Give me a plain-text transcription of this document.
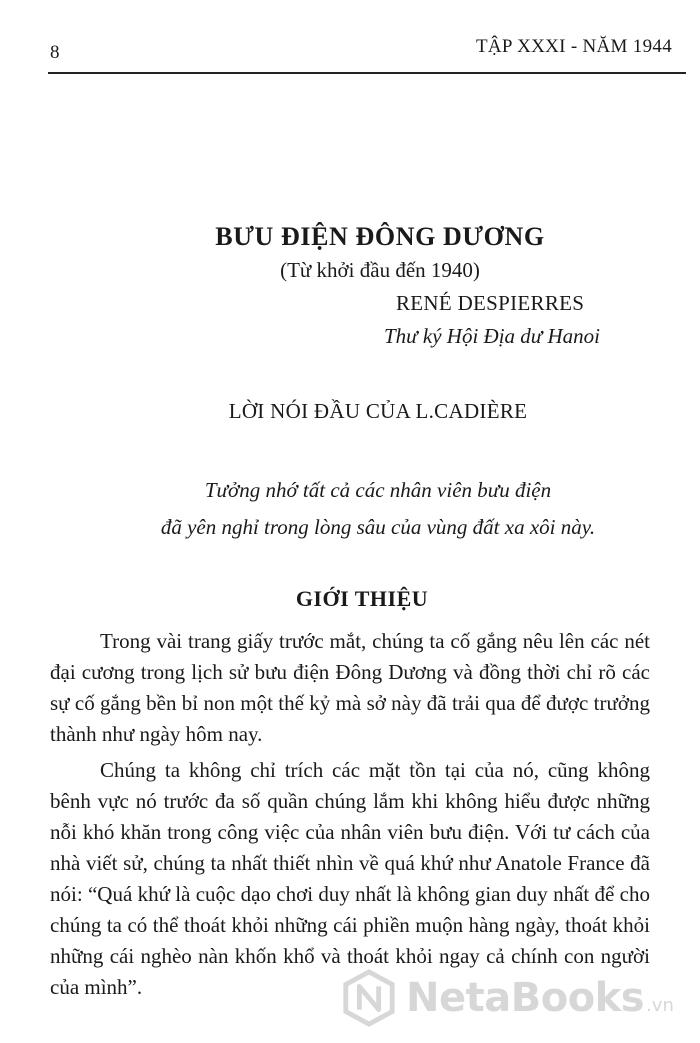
8	TẬP XXXI - NĂM 1944
BƯU ĐIỆN ĐÔNG DƯƠNG
(Từ khởi đầu đến 1940)
RENÉ DESPIERRES
Thư ký Hội Địa dư Hanoi
LỜI NÓI ĐẦU CỦA L.CADIÈRE
Tưởng nhớ tất cả các nhân viên bưu điện
đã yên nghỉ trong lòng sâu của vùng đất xa xôi này.
GIỚI THIỆU

Trong vài trang giấy trước mắt, chúng ta cố gắng nêu lên các nét đại cương trong lịch sử bưu điện Đông Dương và đồng thời chỉ rõ các sự cố gắng bền bỉ non một thế kỷ mà sở này đã trải qua để được trưởng thành như ngày hôm nay.

Chúng ta không chỉ trích các mặt tồn tại của nó, cũng không bênh vực nó trước đa số quần chúng lắm khi không hiểu được những nỗi khó khăn trong công việc của nhân viên bưu điện. Với tư cách của nhà viết sử, chúng ta nhất thiết nhìn về quá khứ như Anatole France đã nói: “Quá khứ là cuộc dạo chơi duy nhất là không gian duy nhất để cho chúng ta có thể thoát khỏi những cái phiền muộn hàng ngày, thoát khỏi những cái nghèo nàn khốn khổ và thoát khỏi ngay cả chính con người của mình”.	NetaBooks .vn
